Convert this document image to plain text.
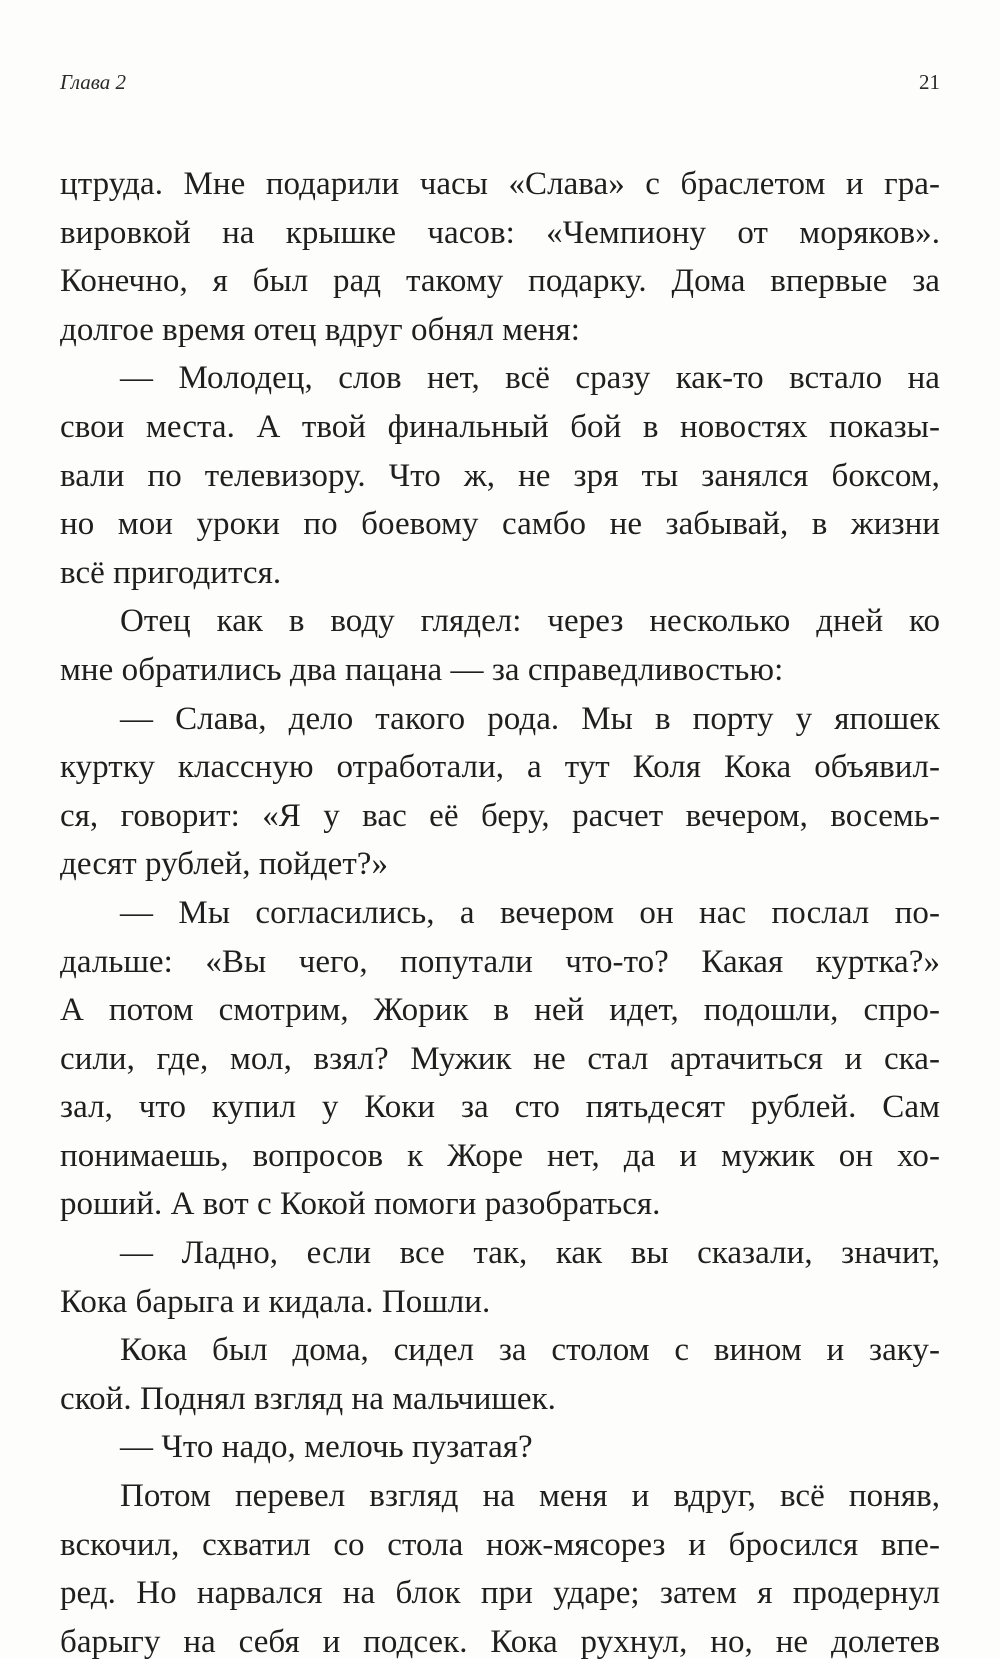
Глава 2	21
цтруда. Мне подарили часы «Слава» с браслетом и гра-
вировкой на крышке часов: «Чемпиону от моряков».
Конечно, я был рад такому подарку. Дома впервые за
долгое время отец вдруг обнял меня:
— Молодец, слов нет, всё сразу как-то встало на
свои места. А твой финальный бой в новостях показы-
вали по телевизору. Что ж, не зря ты занялся боксом,
но мои уроки по боевому самбо не забывай, в жизни
всё пригодится.
Отец как в воду глядел: через несколько дней ко
мне обратились два пацана — за справедливостью:
— Слава, дело такого рода. Мы в порту у япошек
куртку классную отработали, а тут Коля Кока объявил-
ся, говорит: «Я у вас её беру, расчет вечером, восемь-
десят рублей, пойдет?»
— Мы согласились, а вечером он нас послал по-
дальше: «Вы чего, попутали что-то? Какая куртка?»
А потом смотрим, Жорик в ней идет, подошли, спро-
сили, где, мол, взял? Мужик не стал артачиться и ска-
зал, что купил у Коки за сто пятьдесят рублей. Сам
понимаешь, вопросов к Жоре нет, да и мужик он хо-
роший. А вот с Кокой помоги разобраться.
— Ладно, если все так, как вы сказали, значит,
Кока барыга и кидала. Пошли.
Кока был дома, сидел за столом с вином и заку-
ской. Поднял взгляд на мальчишек.
— Что надо, мелочь пузатая?
Потом перевел взгляд на меня и вдруг, всё поняв,
вскочил, схватил со стола нож-мясорез и бросился впе-
ред. Но нарвался на блок при ударе; затем я продернул
барыгу на себя и подсек. Кока рухнул, но, не долетев
